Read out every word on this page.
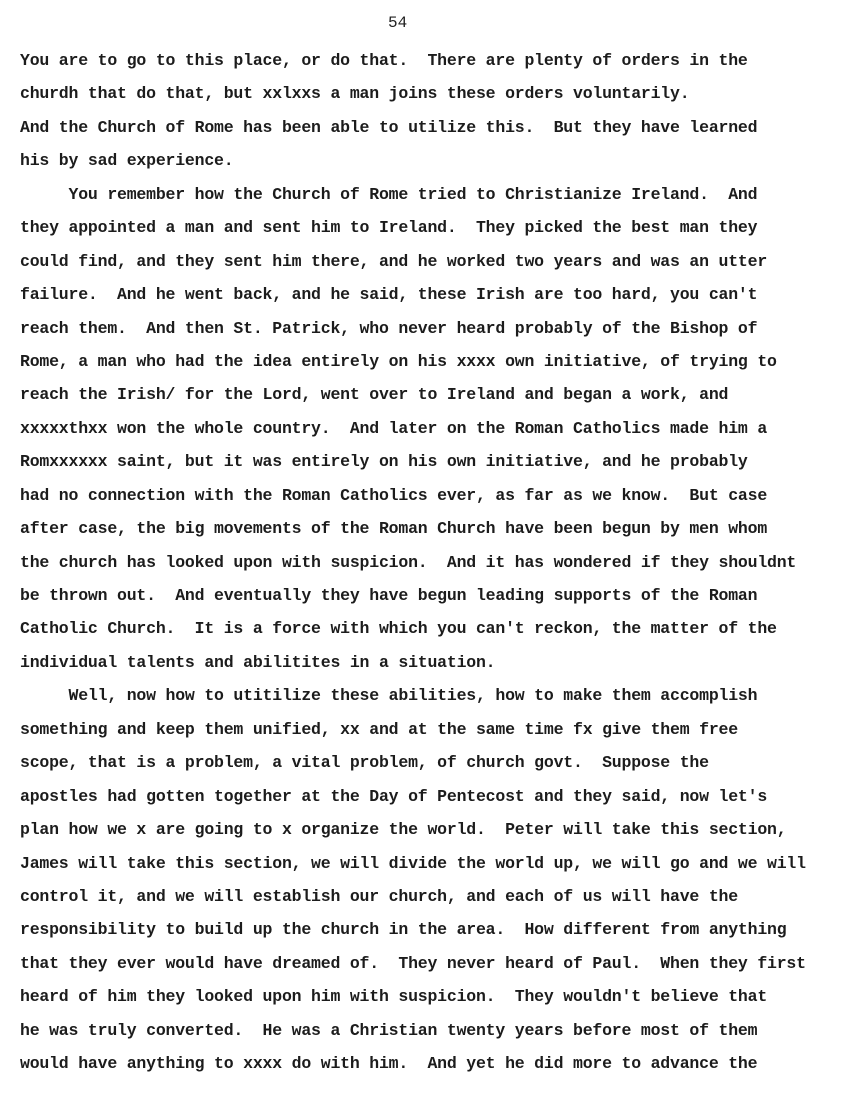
54
You are to go to this place, or do that.  There are plenty of orders in the
churdh that do that, but xxlxxs a man joins these orders voluntarily.
And the Church of Rome has been able to utilize this.  But they have learned
his by sad experience.
You remember how the Church of Rome tried to Christianize Ireland.  And
they appointed a man and sent him to Ireland.  They picked the best man they
could find, and they sent him there, and he worked two years and was an utter
failure.  And he went back, and he said, these Irish are too hard, you can't
reach them.  And then St. Patrick, who never heard probably of the Bishop of
Rome, a man who had the idea entirely on his xxxx own initiative, of trying to
reach the Irish/ for the Lord, went over to Ireland and began a work, and
xxxxxthxx won the whole country.  And later on the Roman Catholics made him a
Romxxxxxx saint, but it was entirely on his own initiative, and he probably
had no connection with the Roman Catholics ever, as far as we know.  But case
after case, the big movements of the Roman Church have been begun by men whom
the church has looked upon with suspicion.  And it has wondered if they shouldnt
be thrown out.  And eventually they have begun leading supports of the Roman
Catholic Church.  It is a force with which you can't reckon, the matter of the
individual talents and abilitites in a situation.
Well, now how to utitilize these abilities, how to make them accomplish
something and keep them unified, xx and at the same time fx give them free
scope, that is a problem, a vital problem, of church govt.  Suppose the
apostles had gotten together at the Day of Pentecost and they said, now let's
plan how we x are going to x organize the world.  Peter will take this section,
James will take this section, we will divide the world up, we will go and we will
control it, and we will establish our church, and each of us will have the
responsibility to build up the church in the area.  How different from anything
that they ever would have dreamed of.  They never heard of Paul.  When they first
heard of him they looked upon him with suspicion.  They wouldn't believe that
he was truly converted.  He was a Christian twenty years before most of them
would have anything to xxxx do with him.  And yet he did more to advance the
